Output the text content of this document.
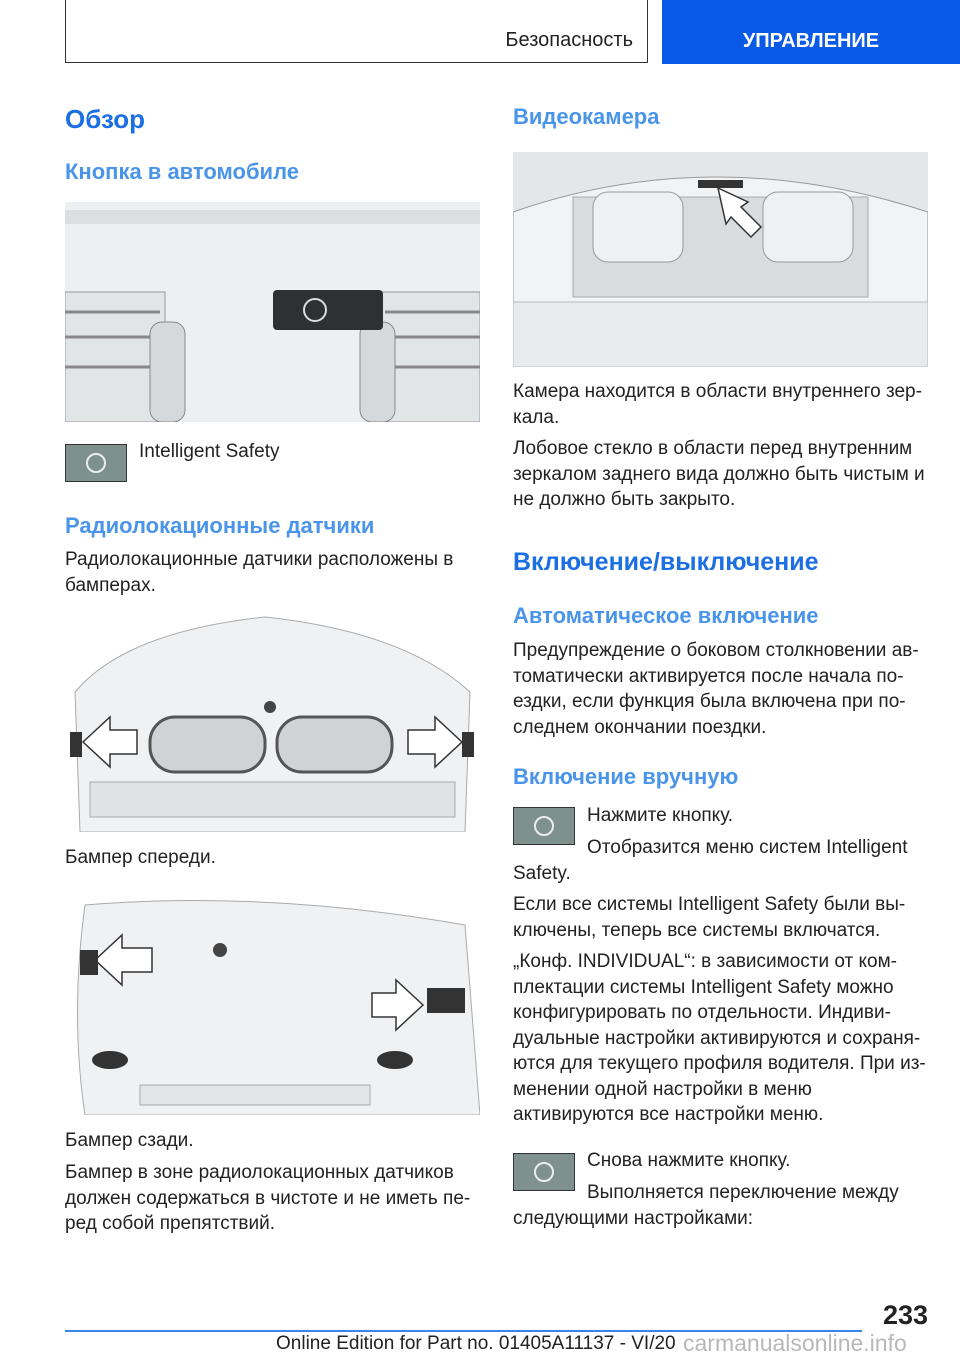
Безопасность	УПРАВЛЕНИЕ
Обзор
Кнопка в автомобиле
Intelligent Safety
Радиолокационные датчики
Радиолокационные датчики расположены в бамперах.
Бампер спереди.
Бампер сзади.
Бампер в зоне радиолокационных датчиков должен содержаться в чистоте и не иметь перед собой препятствий.
Видеокамера
Камера находится в области внутреннего зеркала.
Лобовое стекло в области перед внутренним зеркалом заднего вида должно быть чистым и не должно быть закрыто.
Включение/выключение
Автоматическое включение
Предупреждение о боковом столкновении автоматически активируется после начала поездки, если функция была включена при последнем окончании поездки.
Включение вручную
Нажмите кнопку.
Отобразится меню систем Intelligent Safety.
Если все системы Intelligent Safety были выключены, теперь все системы включатся.
„Конф. INDIVIDUAL“: в зависимости от комплектации системы Intelligent Safety можно конфигурировать по отдельности. Индивидуальные настройки активируются и сохраняются для текущего профиля водителя. При изменении одной настройки в меню активируются все настройки меню.
Снова нажмите кнопку.
Выполняется переключение между следующими настройками:
233
Online Edition for Part no. 01405A11137 - VI/20 carmanualsonline.info
